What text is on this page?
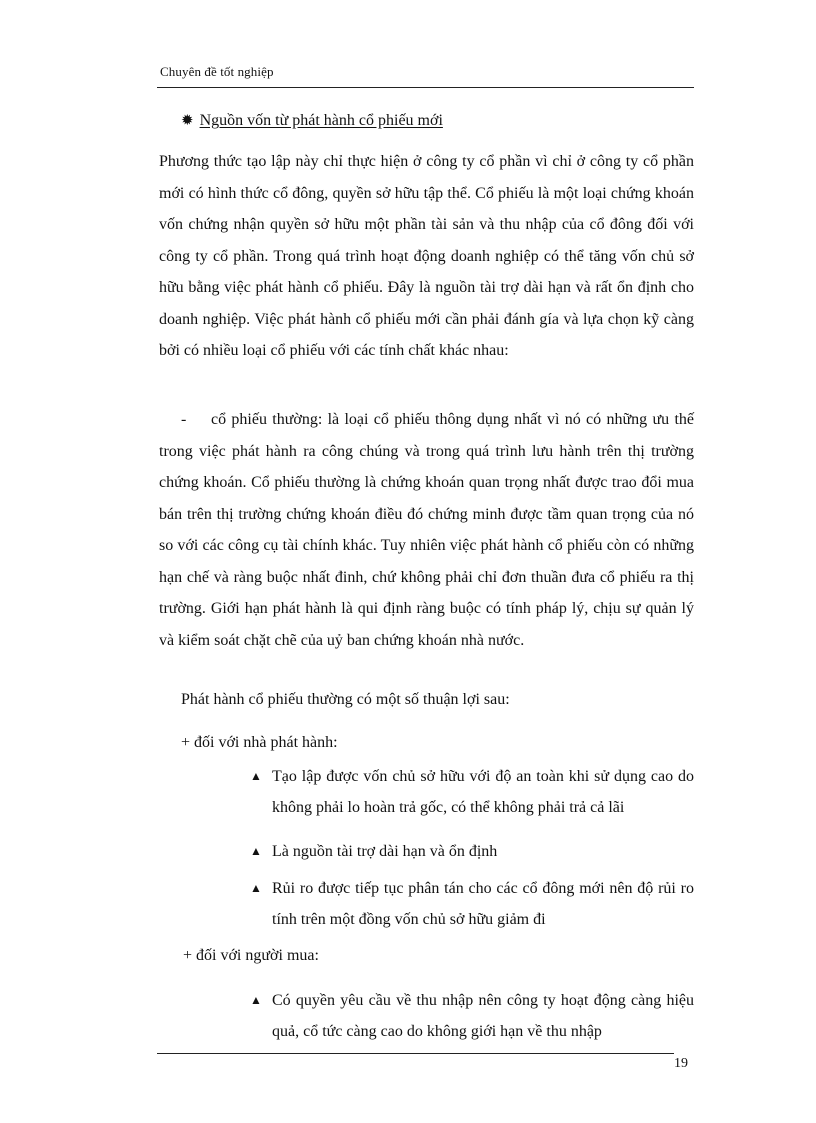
Chuyên đề tốt nghiệp
✹ Nguồn vốn từ phát hành cổ phiếu mới
Phương thức tạo lập này chỉ thực hiện ở công ty cổ phần vì chỉ ở công ty cổ phần mới có hình thức cổ đông, quyền sở hữu tập thể. Cổ phiếu là một loại chứng khoán vốn chứng nhận quyền sở hữu một phần tài sản và thu nhập của cổ đông đối với công ty cổ phần. Trong quá trình hoạt động doanh nghiệp có thể tăng vốn chủ sở hữu bằng việc phát hành cổ phiếu. Đây là nguồn tài trợ dài hạn và rất ổn định cho doanh nghiệp. Việc phát hành cổ phiếu mới cần phải đánh gía và lựa chọn kỹ càng bởi có nhiều loại cổ phiếu với các tính chất khác nhau:
- cổ phiếu thường: là loại cổ phiếu thông dụng nhất vì nó có những ưu thế trong việc phát hành ra công chúng và trong quá trình lưu hành trên thị trường chứng khoán. Cổ phiếu thường là chứng khoán quan trọng nhất được trao đổi mua bán trên thị trường chứng khoán điều đó chứng minh được tầm quan trọng của nó so với các công cụ tài chính khác. Tuy nhiên việc phát hành cổ phiếu còn có những hạn chế và ràng buộc nhất đinh, chứ không phải chỉ đơn thuần đưa cổ phiếu ra thị trường. Giới hạn phát hành là qui định ràng buộc có tính pháp lý, chịu sự quản lý và kiểm soát chặt chẽ của uỷ ban chứng khoán nhà nước.
Phát hành cổ phiếu thường có một số thuận lợi sau:
+ đối với nhà phát hành:
▲ Tạo lập được vốn chủ sở hữu với độ an toàn khi sử dụng cao do không phải lo hoàn trả gốc, có thể không phải trả cả lãi
▲ Là nguồn tài trợ dài hạn và ổn định
▲ Rủi ro được tiếp tục phân tán cho các cổ đông mới nên độ rủi ro tính trên một đồng vốn chủ sở hữu giảm đi
+ đối với người mua:
▲ Có quyền yêu cầu về thu nhập nên công ty hoạt động càng hiệu quả, cổ tức càng cao do không giới hạn về thu nhập
19
